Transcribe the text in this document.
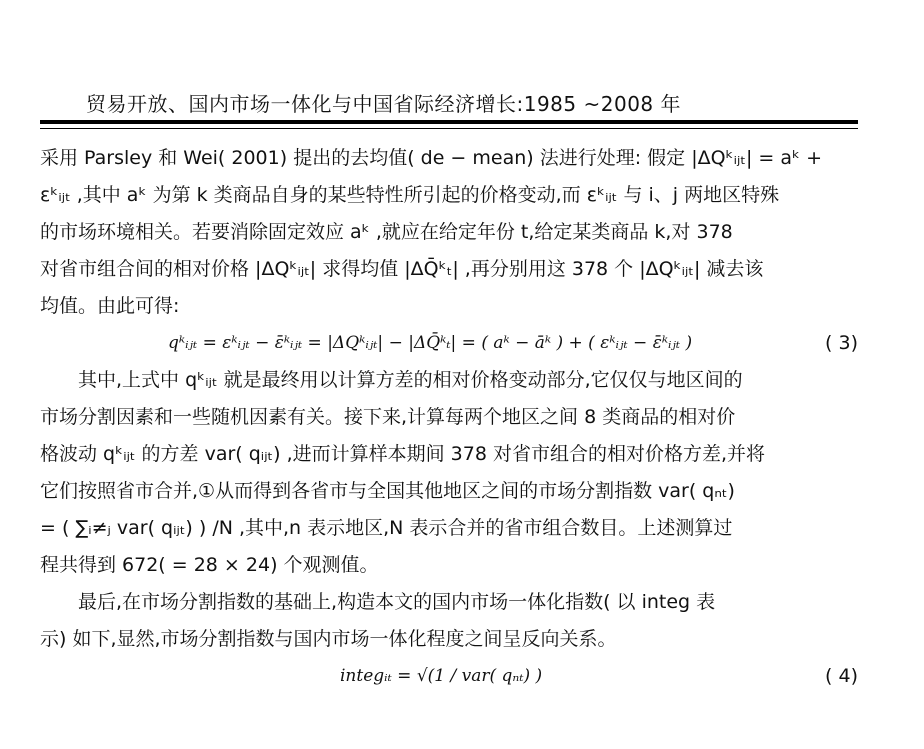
贸易开放、国内市场一体化与中国省际经济增长:1985 ~2008 年
采用 Parsley 和 Wei( 2001) 提出的去均值( de − mean) 法进行处理: 假定 |ΔQᵏᵢⱼₜ| = aᵏ +
εᵏᵢⱼₜ ,其中 aᵏ 为第 k 类商品自身的某些特性所引起的价格变动,而 εᵏᵢⱼₜ 与 i、j 两地区特殊
的市场环境相关。若要消除固定效应 aᵏ ,就应在给定年份 t,给定某类商品 k,对 378
对省市组合间的相对价格 |ΔQᵏᵢⱼₜ| 求得均值 |ΔQ̄ᵏₜ| ,再分别用这 378 个 |ΔQᵏᵢⱼₜ| 减去该
均值。由此可得:
qᵏᵢⱼₜ = εᵏᵢⱼₜ − ε̄ᵏᵢⱼₜ = |ΔQᵏᵢⱼₜ| − |ΔQ̄ᵏₜ| = ( aᵏ − āᵏ ) + ( εᵏᵢⱼₜ − ε̄ᵏᵢⱼₜ )	( 3)
其中,上式中 qᵏᵢⱼₜ 就是最终用以计算方差的相对价格变动部分,它仅仅与地区间的
市场分割因素和一些随机因素有关。接下来,计算每两个地区之间 8 类商品的相对价
格波动 qᵏᵢⱼₜ 的方差 var( qᵢⱼₜ) ,进而计算样本期间 378 对省市组合的相对价格方差,并将
它们按照省市合并,①从而得到各省市与全国其他地区之间的市场分割指数 var( qₙₜ)
= ( ∑ᵢ≠ⱼ var( qᵢⱼₜ) ) /N ,其中,n 表示地区,N 表示合并的省市组合数目。上述测算过
程共得到 672( = 28 × 24) 个观测值。
最后,在市场分割指数的基础上,构造本文的国内市场一体化指数( 以 integ 表
示) 如下,显然,市场分割指数与国内市场一体化程度之间呈反向关系。
integᵢₜ = √(1 / var( qₙₜ) )	( 4)
